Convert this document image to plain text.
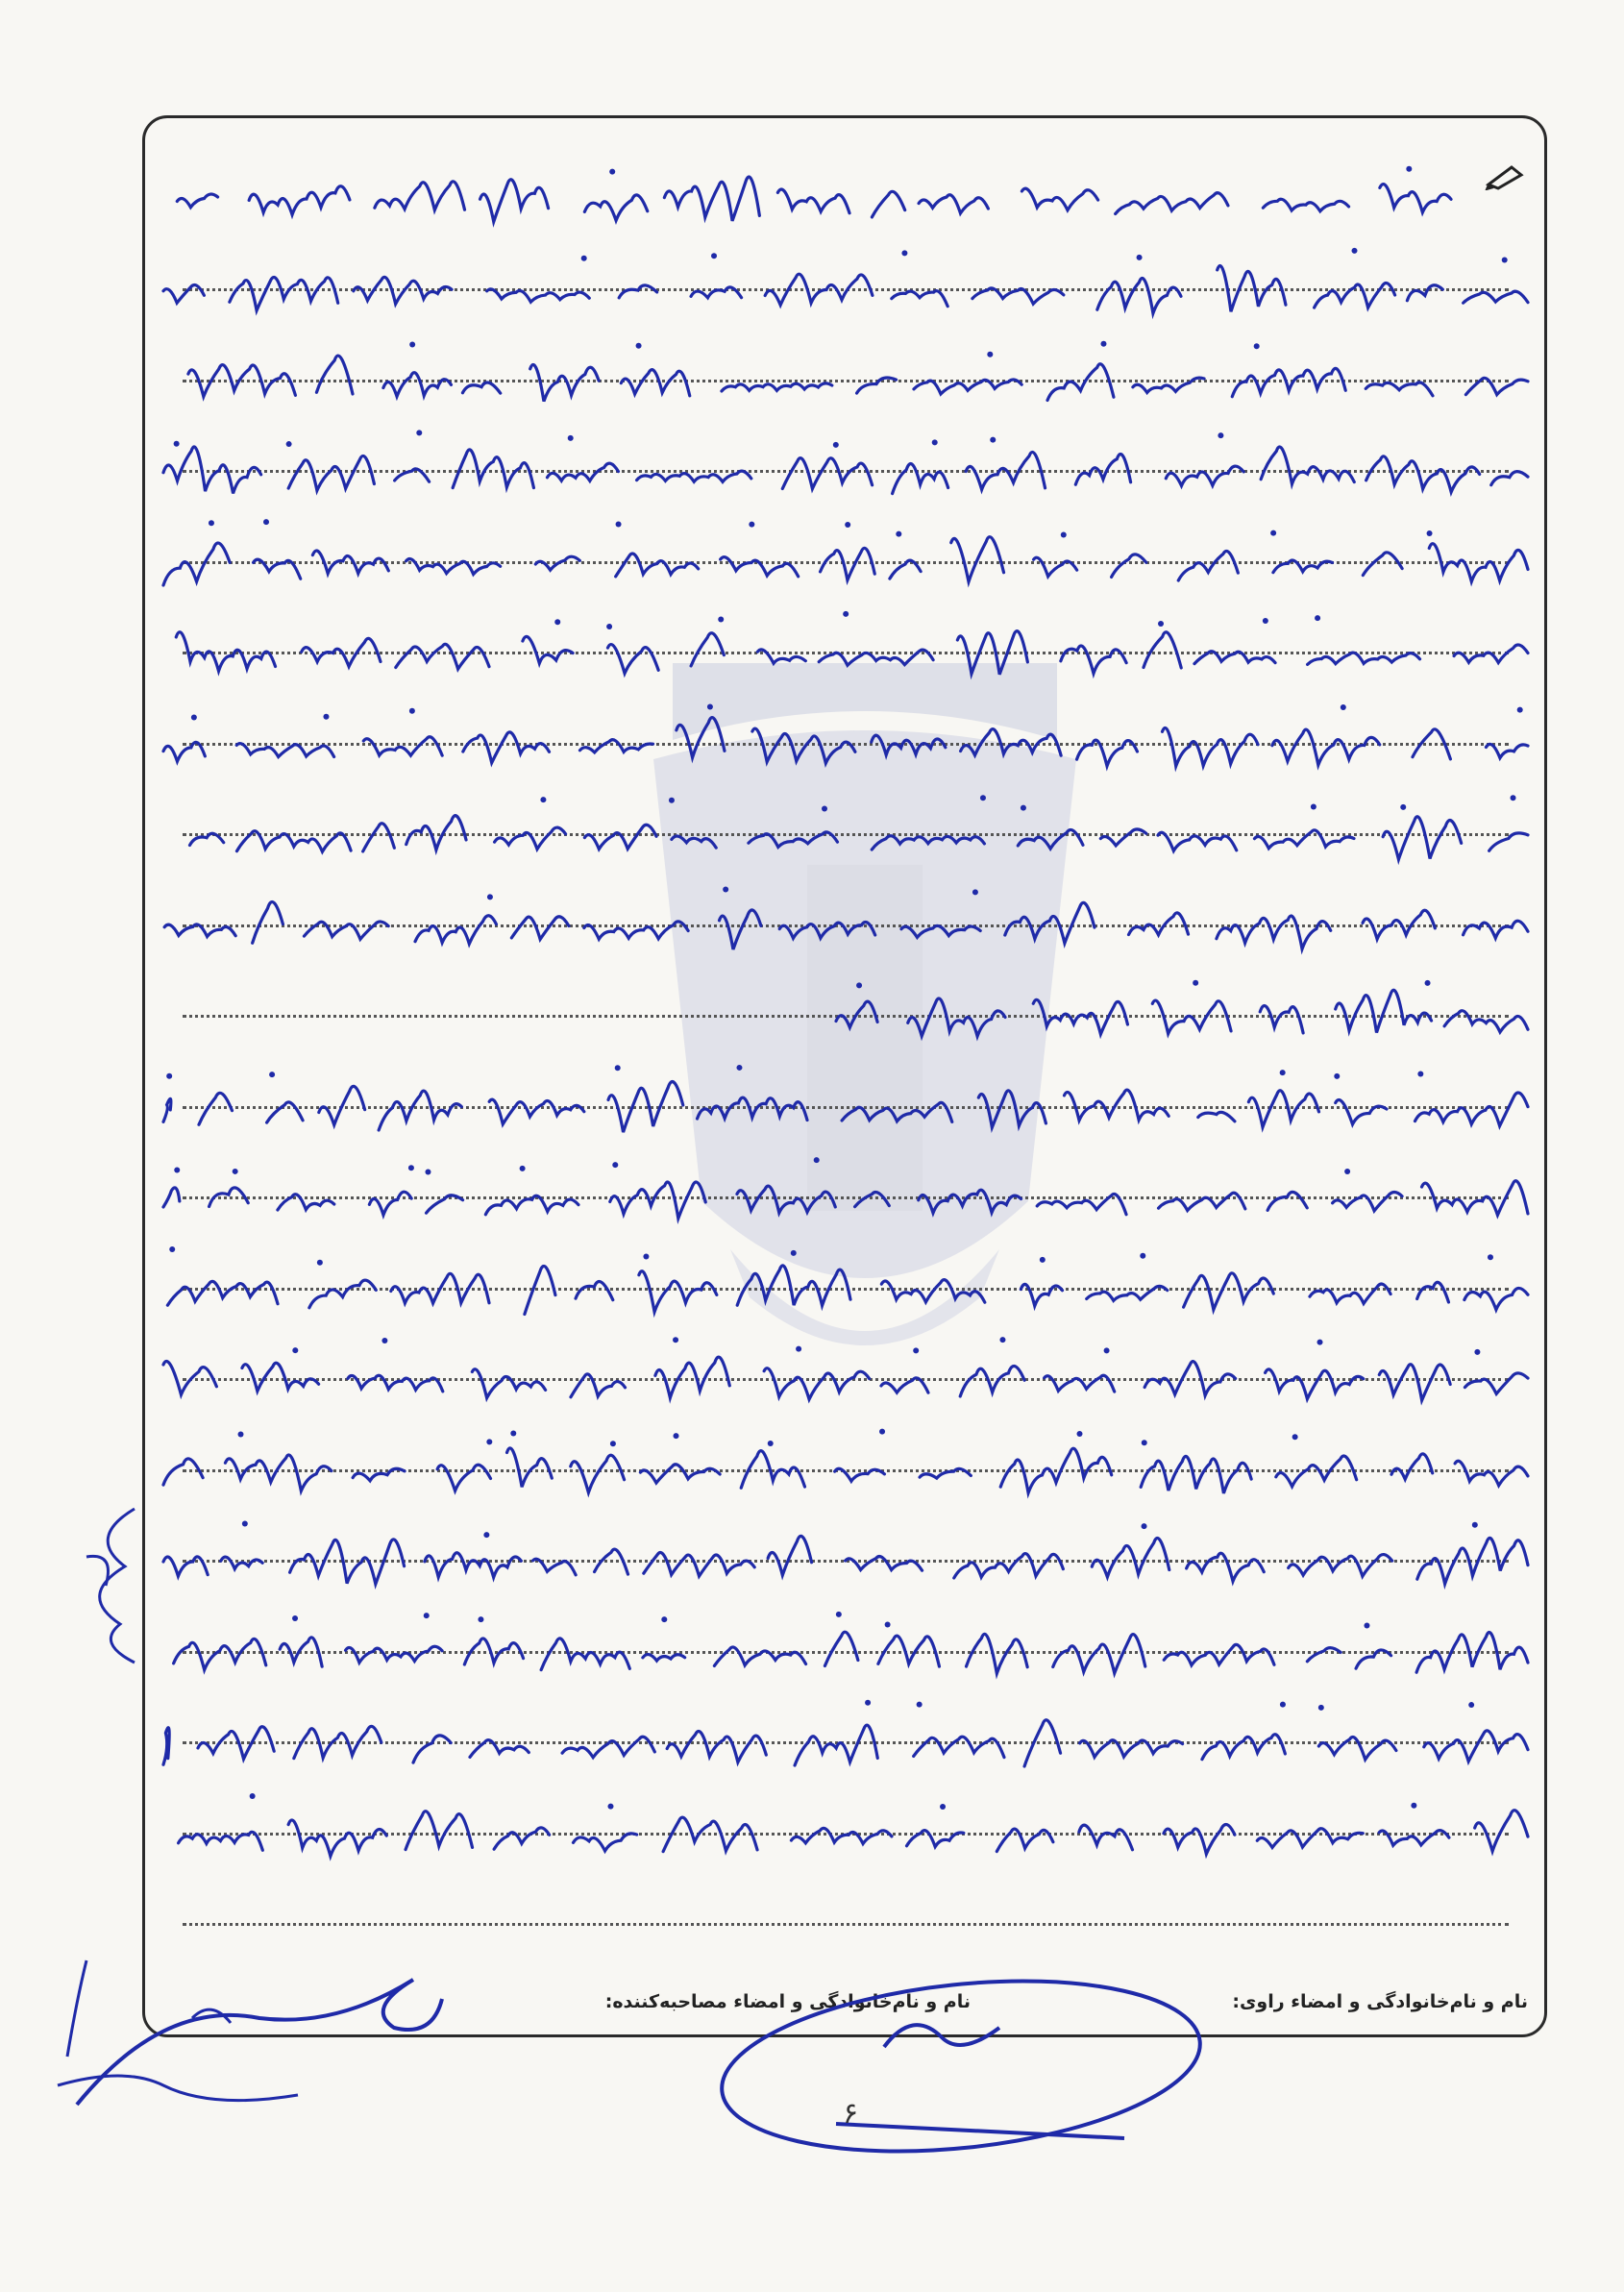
نام و نام‌خانوادگی و امضاء راوی:
نام و نام‌خانوادگی و امضاء مصاحبه‌کننده:
۶
